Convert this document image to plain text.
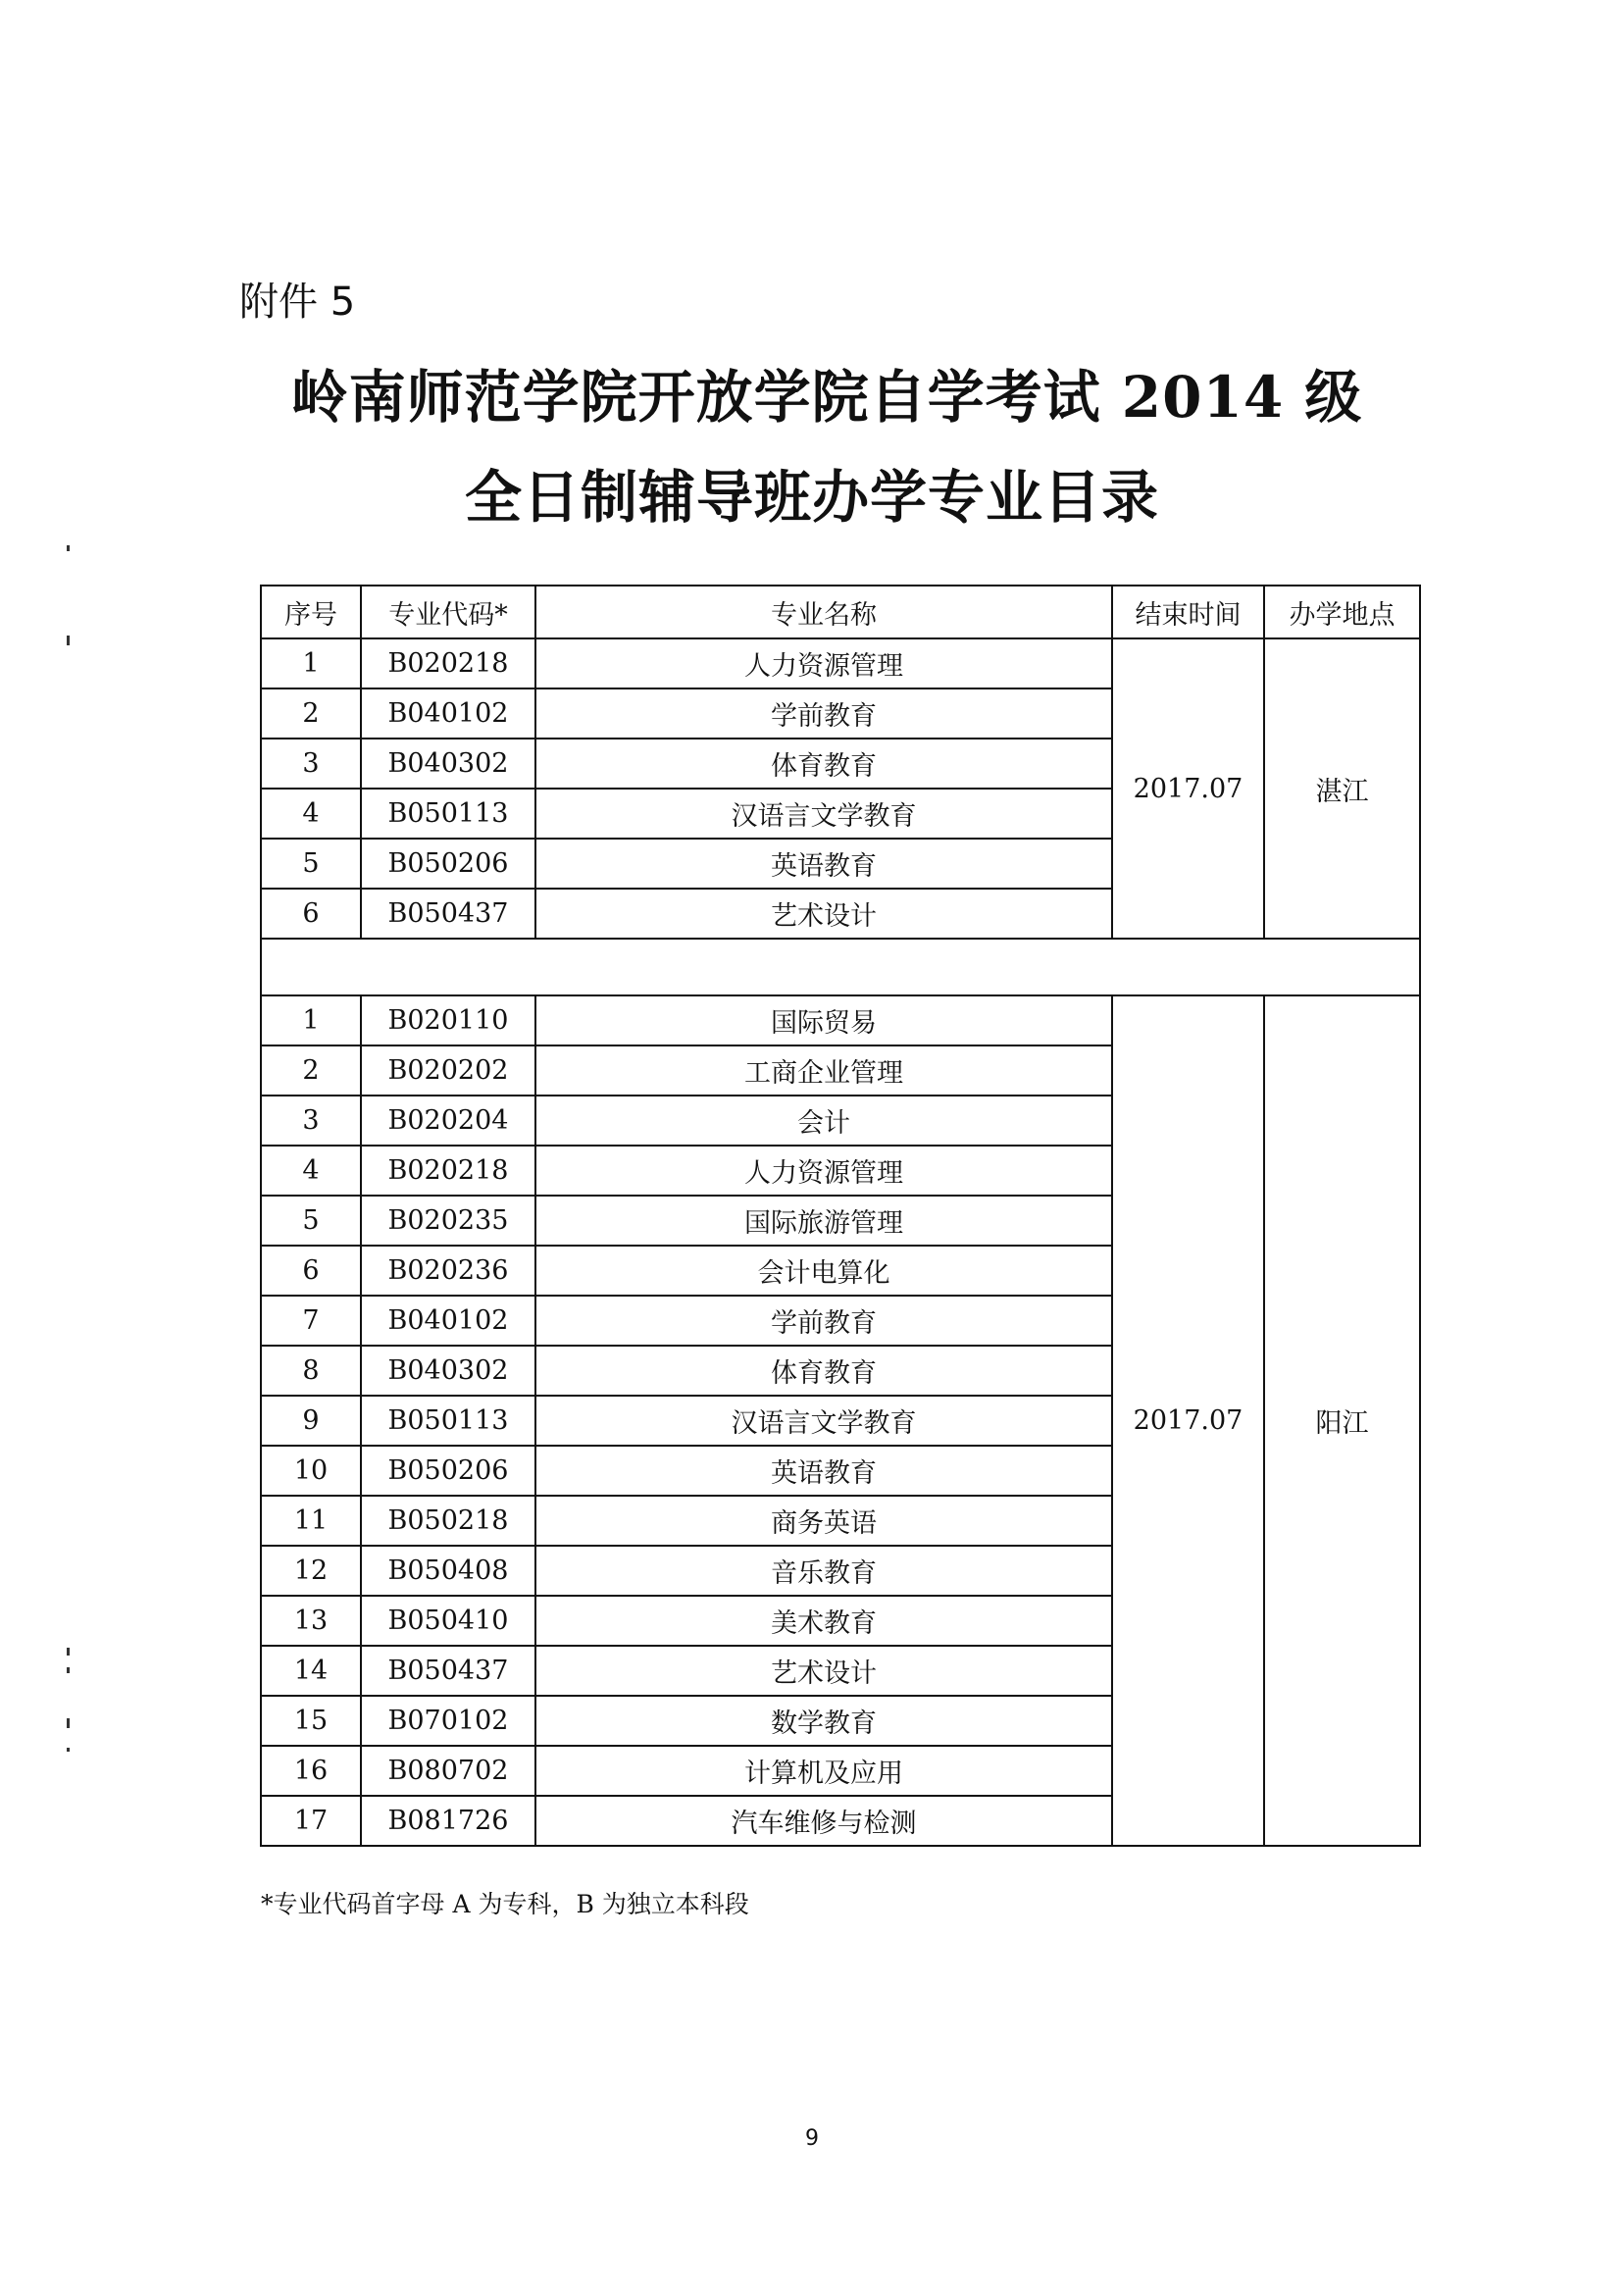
附件 5
岭南师范学院开放学院自学考试 2014 级
全日制辅导班办学专业目录
序号	专业代码*	专业名称	结束时间	办学地点
1	B020218	人力资源管理	2017.07	湛江
2	B040102	学前教育		
3	B040302	体育教育		
4	B050113	汉语言文学教育		
5	B050206	英语教育		
6	B050437	艺术设计		

1	B020110	国际贸易	2017.07	阳江
2	B020202	工商企业管理		
3	B020204	会计		
4	B020218	人力资源管理		
5	B020235	国际旅游管理		
6	B020236	会计电算化		
7	B040102	学前教育		
8	B040302	体育教育		
9	B050113	汉语言文学教育		
10	B050206	英语教育		
11	B050218	商务英语		
12	B050408	音乐教育		
13	B050410	美术教育		
14	B050437	艺术设计		
15	B070102	数学教育		
16	B080702	计算机及应用		
17	B081726	汽车维修与检测		
*专业代码首字母 A 为专科，B 为独立本科段
9
